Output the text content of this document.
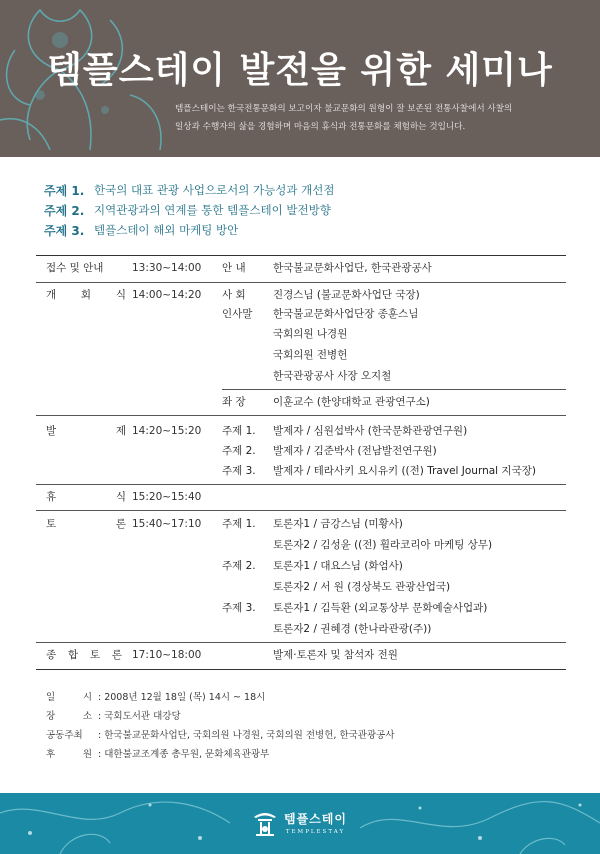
템플스테이 발전을 위한 세미나

템플스테이는 한국전통문화의 보고이자 불교문화의 원형이 잘 보존된 전통사찰에서 사찰의

일상과 수행자의 삶을 경험하며 마음의 휴식과 전통문화를 체험하는 것입니다.

주제 1. 한국의 대표 관광 사업으로서의 가능성과 개선점
주제 2. 지역관광과의 연계를 통한 템플스테이 발전방향
주제 3. 템플스테이 해외 마케팅 방안
접수 및 안내	13:30~14:00 안 내	한국불교문화사업단, 한국관광공사
개 회 식 14:00~14:20 사 회	진경스님 (불교문화사업단 국장)
인사말 한국불교문화사업단장 종훈스님
국회의원 나경원
국회의원 전병헌
한국관광공사 사장 오지철
좌 장	이훈교수 (한양대학교 관광연구소)
발	제 14:20~15:20 주제 1. 발제자 / 심원섭박사 (한국문화관광연구원)
주제 2. 발제자 / 김준박사 (전남발전연구원)
주제 3. 발제자 / 테라사키 요시유키 ((전) Travel Journal 지국장)
휴	식 15:20~15:40
토	론 15:40~17:10 주제 1. 토론자1 / 금강스님 (미황사)
토론자2 / 김성윤 ((전) 휠라코리아 마케팅 상무)
주제 2. 토론자1 / 대요스님 (화엄사)
토론자2 / 서 원 (경상북도 관광산업국)
주제 3. 토론자1 / 김득환 (외교통상부 문화예술사업과)
토론자2 / 권혜경 (한나라관광(주))
종 합 토 론 17:10~18:00	발제·토론자 및 참석자 전원
일	시 : 2008년 12월 18일 (목) 14시 ~ 18시
장	소 : 국회도서관 대강당
공동주최	: 한국불교문화사업단, 국회의원 나경원, 국회의원 전병헌, 한국관광공사
후	원 : 대한불교조계종 총무원, 문화체육관광부
템플스테이
TEMPLESTAY
